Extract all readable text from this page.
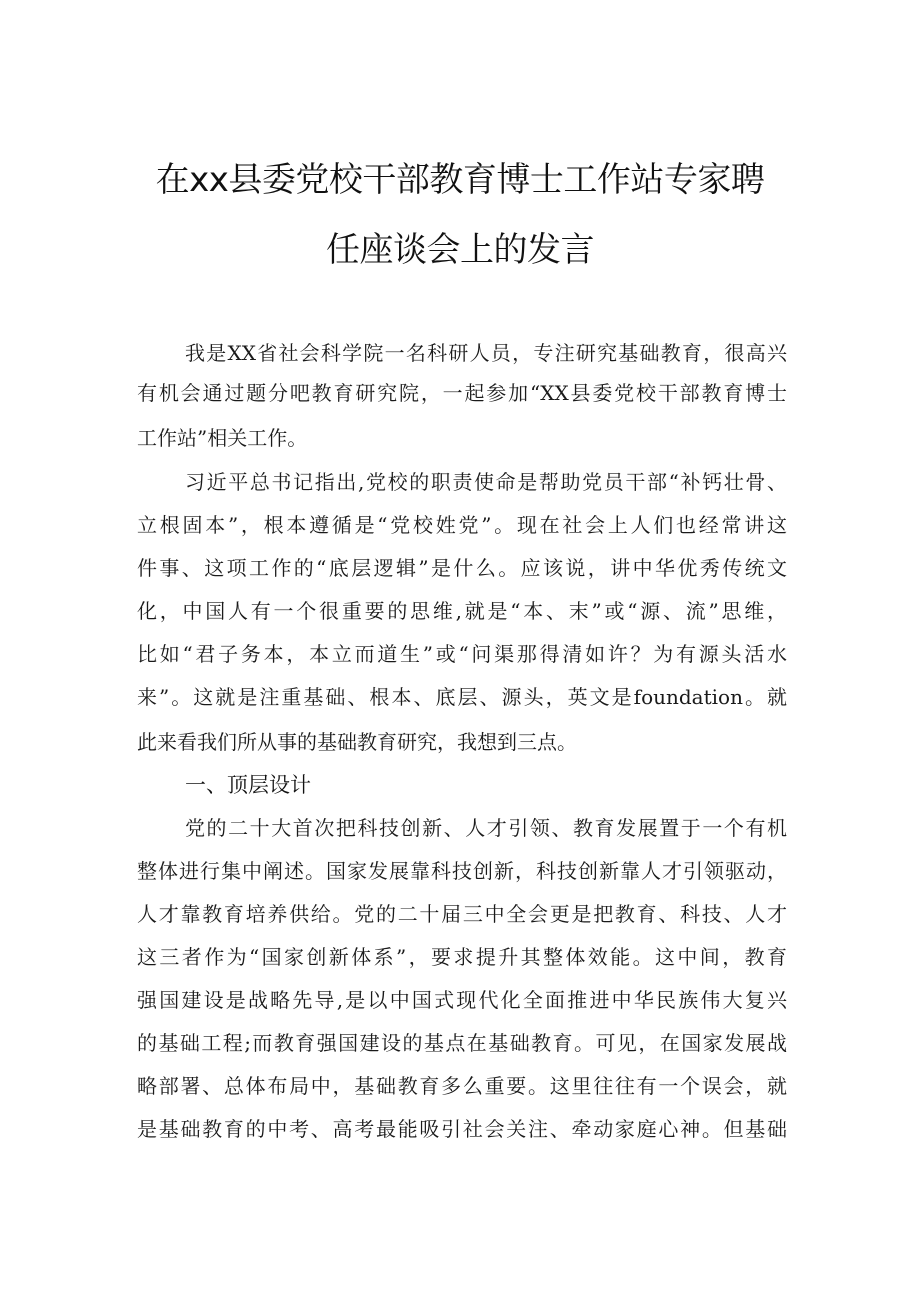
在xx县委党校干部教育博士工作站专家聘
任座谈会上的发言
我是XX省社会科学院一名科研人员，专注研究基础教育，很高兴
有机会通过题分吧教育研究院，一起参加“XX县委党校干部教育博士
工作站”相关工作。
习近平总书记指出,党校的职责使命是帮助党员干部“补钙壮骨、
立根固本”，根本遵循是“党校姓党”。现在社会上人们也经常讲这
件事、这项工作的“底层逻辑”是什么。应该说，讲中华优秀传统文
化，中国人有一个很重要的思维,就是“本、末”或“源、流”思维，
比如“君子务本，本立而道生”或“问渠那得清如许？为有源头活水
来”。这就是注重基础、根本、底层、源头，英文是foundation。就
此来看我们所从事的基础教育研究，我想到三点。
一、顶层设计
党的二十大首次把科技创新、人才引领、教育发展置于一个有机
整体进行集中阐述。国家发展靠科技创新，科技创新靠人才引领驱动，
人才靠教育培养供给。党的二十届三中全会更是把教育、科技、人才
这三者作为“国家创新体系”，要求提升其整体效能。这中间，教育
强国建设是战略先导,是以中国式现代化全面推进中华民族伟大复兴
的基础工程;而教育强国建设的基点在基础教育。可见，在国家发展战
略部署、总体布局中，基础教育多么重要。这里往往有一个误会，就
是基础教育的中考、高考最能吸引社会关注、牵动家庭心神。但基础
